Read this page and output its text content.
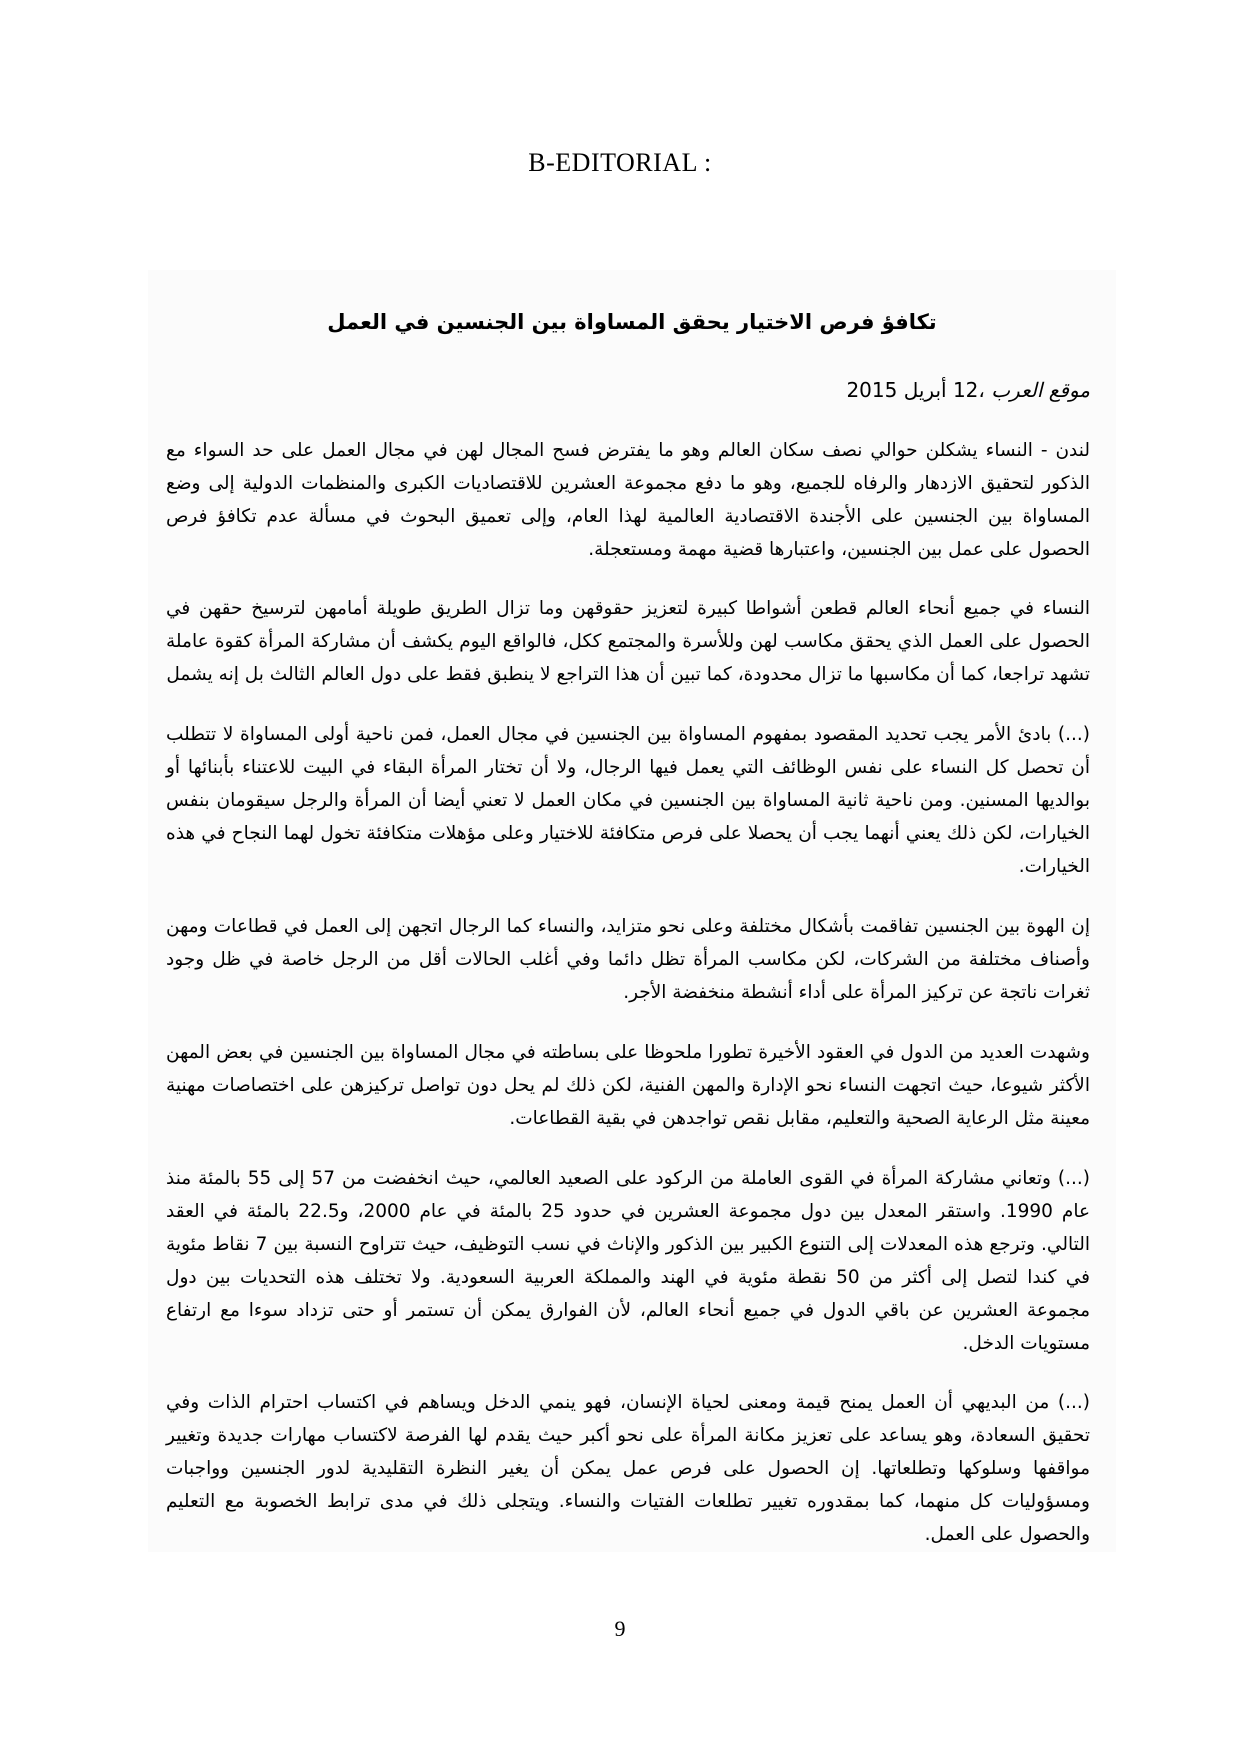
B-EDITORIAL :
تكافؤ فرص الاختيار يحقق المساواة بين الجنسين في العمل
موقع العرب ،12 أبريل 2015

لندن - النساء يشكلن حوالي نصف سكان العالم وهو ما يفترض فسح المجال لهن في مجال العمل على حد السواء مع الذكور لتحقيق الازدهار والرفاه للجميع، وهو ما دفع مجموعة العشرين للاقتصاديات الكبرى والمنظمات الدولية إلى وضع المساواة بين الجنسين على الأجندة الاقتصادية العالمية لهذا العام، وإلى تعميق البحوث في مسألة عدم تكافؤ فرص الحصول على عمل بين الجنسين، واعتبارها قضية مهمة ومستعجلة.

النساء في جميع أنحاء العالم قطعن أشواطا كبيرة لتعزيز حقوقهن وما تزال الطريق طويلة أمامهن لترسيخ حقهن في الحصول على العمل الذي يحقق مكاسب لهن وللأسرة والمجتمع ككل، فالواقع اليوم يكشف أن مشاركة المرأة كقوة عاملة تشهد تراجعا، كما أن مكاسبها ما تزال محدودة، كما تبين أن هذا التراجع لا ينطبق فقط على دول العالم الثالث بل إنه يشمل

(...) بادئ الأمر يجب تحديد المقصود بمفهوم المساواة بين الجنسين في مجال العمل، فمن ناحية أولى المساواة لا تتطلب أن تحصل كل النساء على نفس الوظائف التي يعمل فيها الرجال، ولا أن تختار المرأة البقاء في البيت للاعتناء بأبنائها أو بوالديها المسنين. ومن ناحية ثانية المساواة بين الجنسين في مكان العمل لا تعني أيضا أن المرأة والرجل سيقومان بنفس الخيارات، لكن ذلك يعني أنهما يجب أن يحصلا على فرص متكافئة للاختيار وعلى مؤهلات متكافئة تخول لهما النجاح في هذه الخيارات.

إن الهوة بين الجنسين تفاقمت بأشكال مختلفة وعلى نحو متزايد، والنساء كما الرجال اتجهن إلى العمل في قطاعات ومهن وأصناف مختلفة من الشركات، لكن مكاسب المرأة تظل دائما وفي أغلب الحالات أقل من الرجل خاصة في ظل وجود ثغرات ناتجة عن تركيز المرأة على أداء أنشطة منخفضة الأجر.

وشهدت العديد من الدول في العقود الأخيرة تطورا ملحوظا على بساطته في مجال المساواة بين الجنسين في بعض المهن الأكثر شيوعا، حيث اتجهت النساء نحو الإدارة والمهن الفنية، لكن ذلك لم يحل دون تواصل تركيزهن على اختصاصات مهنية معينة مثل الرعاية الصحية والتعليم، مقابل نقص تواجدهن في بقية القطاعات.

(...) وتعاني مشاركة المرأة في القوى العاملة من الركود على الصعيد العالمي، حيث انخفضت من 57 إلى 55 بالمئة منذ عام 1990. واستقر المعدل بين دول مجموعة العشرين في حدود 25 بالمئة في عام 2000، و22.5 بالمئة في العقد التالي. وترجع هذه المعدلات إلى التنوع الكبير بين الذكور والإناث في نسب التوظيف، حيث تتراوح النسبة بين 7 نقاط مئوية في كندا لتصل إلى أكثر من 50 نقطة مئوية في الهند والمملكة العربية السعودية. ولا تختلف هذه التحديات بين دول مجموعة العشرين عن باقي الدول في جميع أنحاء العالم، لأن الفوارق يمكن أن تستمر أو حتى تزداد سوءا مع ارتفاع مستويات الدخل.

(...) من البديهي أن العمل يمنح قيمة ومعنى لحياة الإنسان، فهو ينمي الدخل ويساهم في اكتساب احترام الذات وفي تحقيق السعادة، وهو يساعد على تعزيز مكانة المرأة على نحو أكبر حيث يقدم لها الفرصة لاكتساب مهارات جديدة وتغيير مواقفها وسلوكها وتطلعاتها. إن الحصول على فرص عمل يمكن أن يغير النظرة التقليدية لدور الجنسين وواجبات ومسؤوليات كل منهما، كما بمقدوره تغيير تطلعات الفتيات والنساء. ويتجلى ذلك في مدى ترابط الخصوبة مع التعليم والحصول على العمل.

9
